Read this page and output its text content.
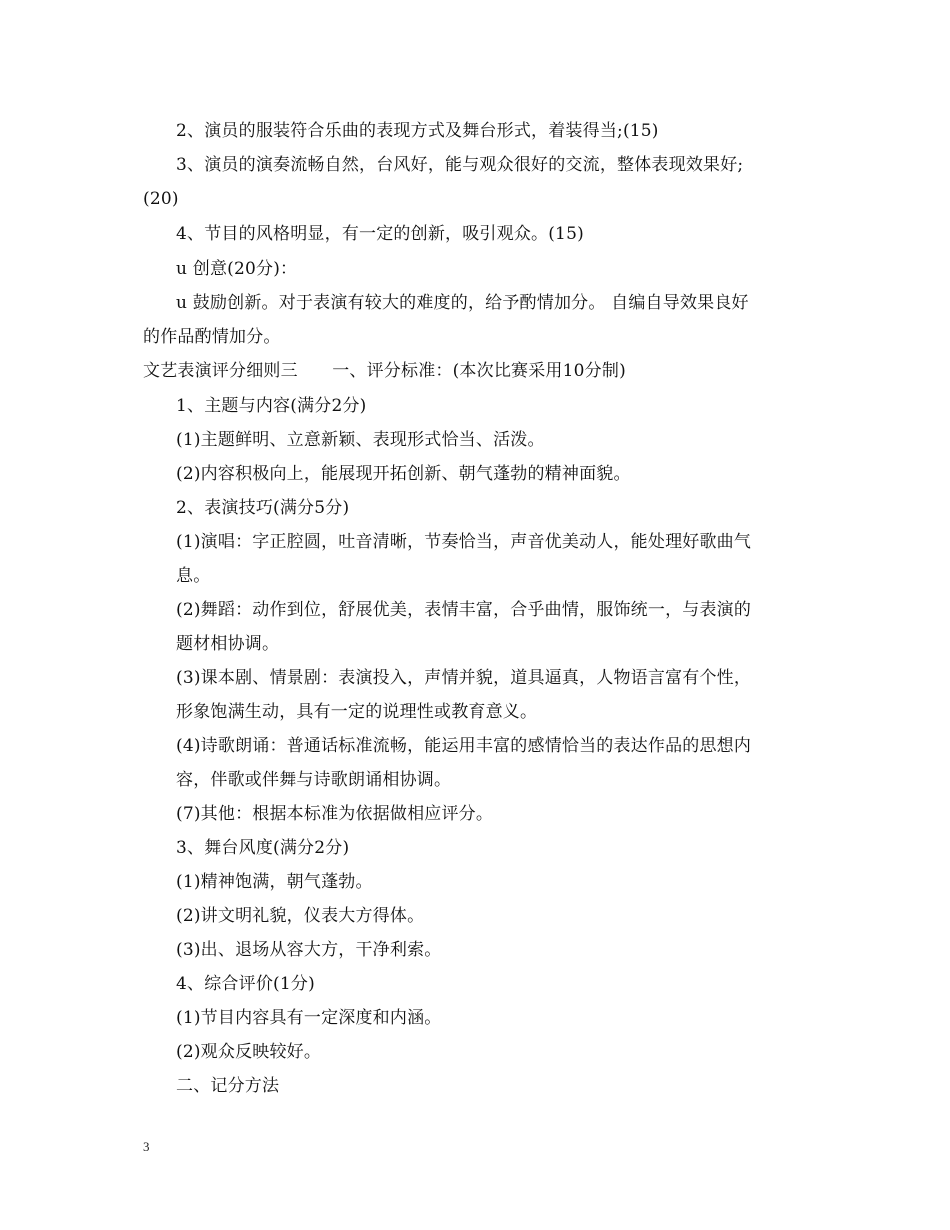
2、演员的服装符合乐曲的表现方式及舞台形式，着装得当;(15)
3、演员的演奏流畅自然，台风好，能与观众很好的交流，整体表现效果好;
(20)
4、节目的风格明显，有一定的创新，吸引观众。(15)
u 创意(20分)：
u 鼓励创新。对于表演有较大的难度的，给予酌情加分。 自编自导效果良好
的作品酌情加分。
文艺表演评分细则三　　一、评分标准：(本次比赛采用10分制)
1、主题与内容(满分2分)
(1)主题鲜明、立意新颖、表现形式恰当、活泼。
(2)内容积极向上，能展现开拓创新、朝气蓬勃的精神面貌。
2、表演技巧(满分5分)
(1)演唱：字正腔圆，吐音清晰，节奏恰当，声音优美动人，能处理好歌曲气
息。
(2)舞蹈：动作到位，舒展优美，表情丰富，合乎曲情，服饰统一，与表演的
题材相协调。
(3)课本剧、情景剧：表演投入，声情并貌，道具逼真，人物语言富有个性，
形象饱满生动，具有一定的说理性或教育意义。
(4)诗歌朗诵：普通话标准流畅，能运用丰富的感情恰当的表达作品的思想内
容，伴歌或伴舞与诗歌朗诵相协调。
(7)其他：根据本标准为依据做相应评分。
3、舞台风度(满分2分)
(1)精神饱满，朝气蓬勃。
(2)讲文明礼貌，仪表大方得体。
(3)出、退场从容大方，干净利索。
4、综合评价(1分)
(1)节目内容具有一定深度和内涵。
(2)观众反映较好。
二、记分方法
3
